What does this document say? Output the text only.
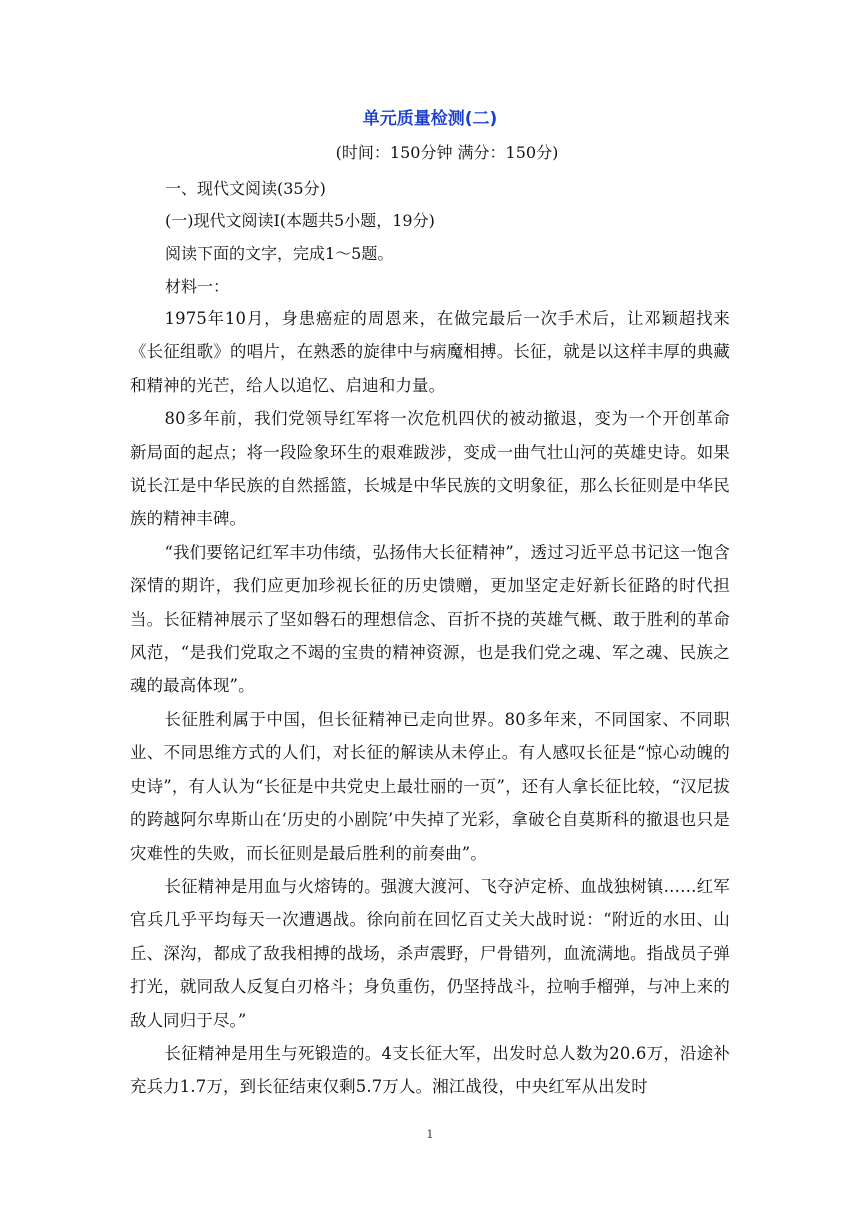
单元质量检测(二)
(时间：150分钟 满分：150分)
一、现代文阅读(35分)
(一)现代文阅读Ⅰ(本题共5小题，19分)
阅读下面的文字，完成1～5题。
材料一：

1975年10月，身患癌症的周恩来，在做完最后一次手术后，让邓颖超找来《长征组歌》的唱片，在熟悉的旋律中与病魔相搏。长征，就是以这样丰厚的典藏和精神的光芒，给人以追忆、启迪和力量。

80多年前，我们党领导红军将一次危机四伏的被动撤退，变为一个开创革命新局面的起点；将一段险象环生的艰难跋涉，变成一曲气壮山河的英雄史诗。如果说长江是中华民族的自然摇篮，长城是中华民族的文明象征，那么长征则是中华民族的精神丰碑。

“我们要铭记红军丰功伟绩，弘扬伟大长征精神”，透过习近平总书记这一饱含深情的期许，我们应更加珍视长征的历史馈赠，更加坚定走好新长征路的时代担当。长征精神展示了坚如磐石的理想信念、百折不挠的英雄气概、敢于胜利的革命风范，“是我们党取之不竭的宝贵的精神资源，也是我们党之魂、军之魂、民族之魂的最高体现”。

长征胜利属于中国，但长征精神已走向世界。80多年来，不同国家、不同职业、不同思维方式的人们，对长征的解读从未停止。有人感叹长征是“惊心动魄的史诗”，有人认为“长征是中共党史上最壮丽的一页”，还有人拿长征比较，“汉尼拔的跨越阿尔卑斯山在‘历史的小剧院’中失掉了光彩，拿破仑自莫斯科的撤退也只是灾难性的失败，而长征则是最后胜利的前奏曲”。

长征精神是用血与火熔铸的。强渡大渡河、飞夺泸定桥、血战独树镇……红军官兵几乎平均每天一次遭遇战。徐向前在回忆百丈关大战时说：“附近的水田、山丘、深沟，都成了敌我相搏的战场，杀声震野，尸骨错列，血流满地。指战员子弹打光，就同敌人反复白刃格斗；身负重伤，仍坚持战斗，拉响手榴弹，与冲上来的敌人同归于尽。”

长征精神是用生与死锻造的。4支长征大军，出发时总人数为20.6万，沿途补充兵力1.7万，到长征结束仅剩5.7万人。湘江战役，中央红军从出发时

1
